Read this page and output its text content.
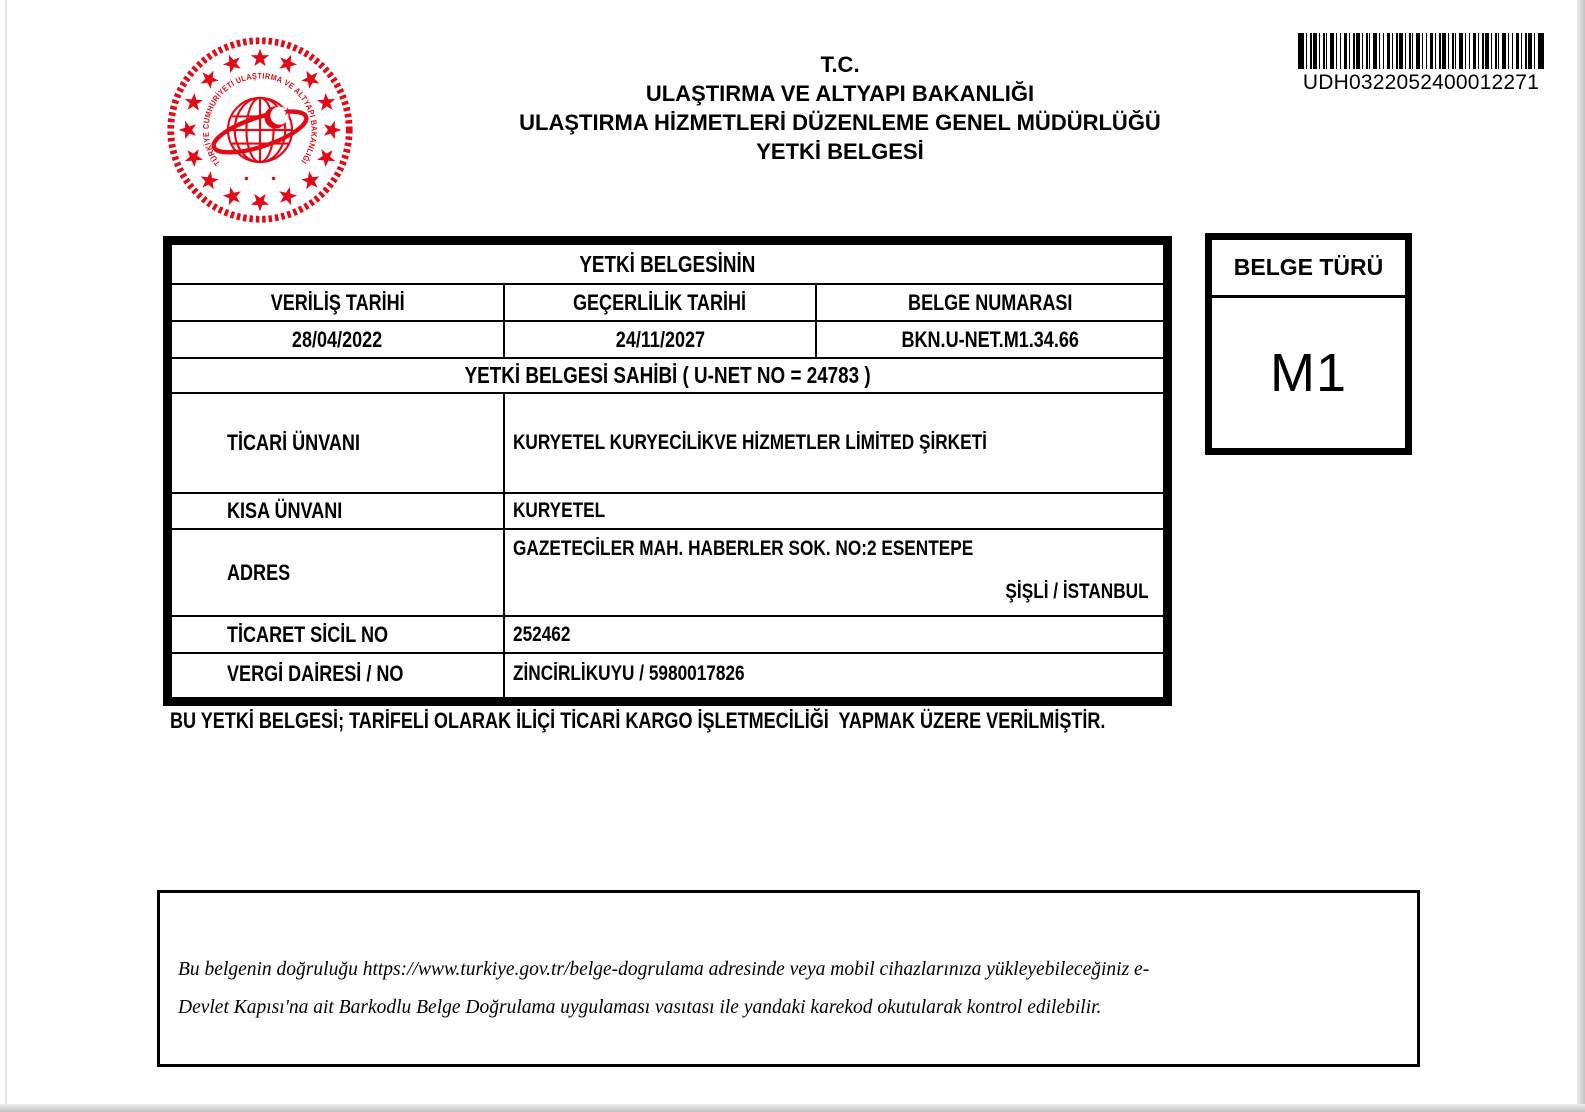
TÜRKİYE CUMHURİYETİ ULAŞTIRMA VE ALTYAPI BAKANLIĞI
T.C.
ULAŞTIRMA VE ALTYAPI BAKANLIĞI
ULAŞTIRMA HİZMETLERİ DÜZENLEME GENEL MÜDÜRLÜĞÜ
YETKİ BELGESİ
UDH0322052400012271
YETKİ BELGESİNİN
VERİLİŞ TARİHİ	GEÇERLİLİK TARİHİ	BELGE NUMARASI
28/04/2022	24/11/2027	BKN.U-NET.M1.34.66
YETKİ BELGESİ SAHİBİ ( U-NET NO = 24783 )
TİCARİ ÜNVANI	KURYETEL KURYECİLİKVE HİZMETLER LİMİTED ŞİRKETİ
KISA ÜNVANI	KURYETEL
ADRES
GAZETECİLER MAH. HABERLER SOK. NO:2 ESENTEPE
ŞİŞLİ / İSTANBUL
TİCARET SİCİL NO	252462
VERGİ DAİRESİ / NO	ZİNCİRLİKUYU / 5980017826
BELGE TÜRÜ
M1
BU YETKİ BELGESİ; TARİFELİ OLARAK İLİÇİ TİCARİ KARGO İŞLETMECİLİĞİ  YAPMAK ÜZERE VERİLMİŞTİR.

Bu belgenin doğruluğu https://www.turkiye.gov.tr/belge-dogrulama adresinde veya mobil cihazlarınıza yükleyebileceğiniz e-Devlet Kapısı'na ait Barkodlu Belge Doğrulama uygulaması vasıtası ile yandaki karekod okutularak kontrol edilebilir.
